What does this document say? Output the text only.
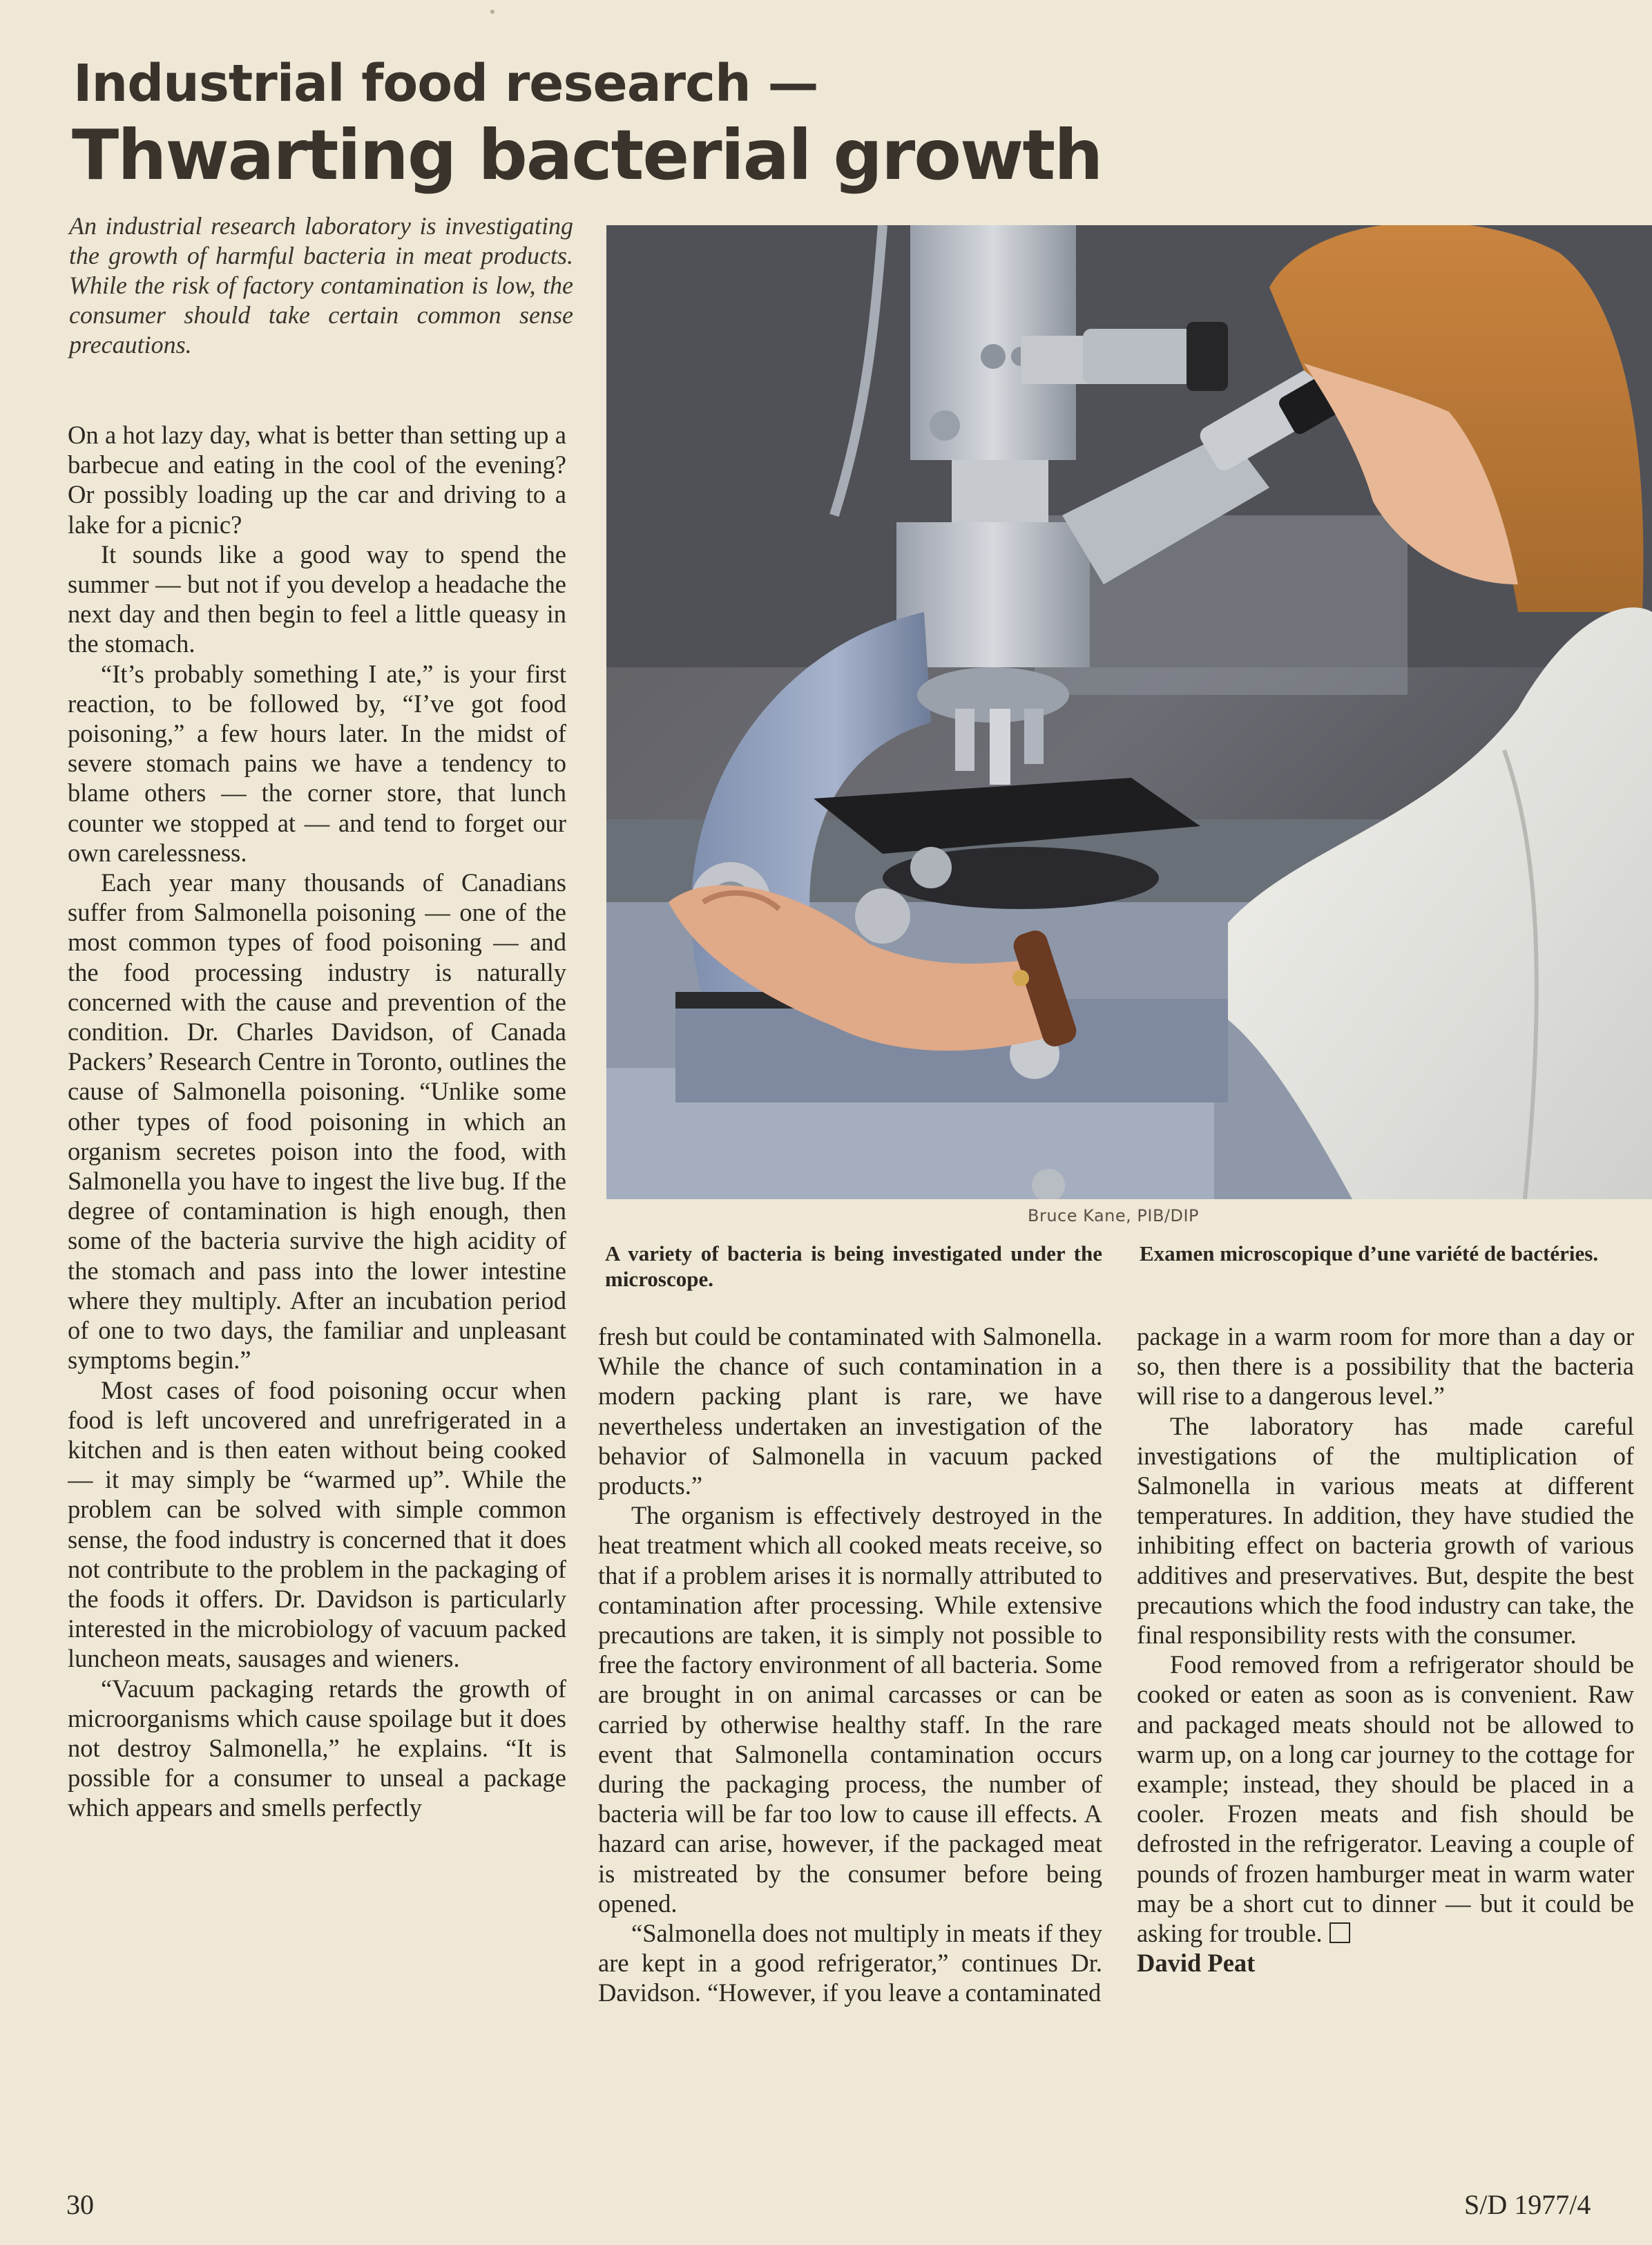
Industrial food research —
Thwarting bacterial growth

An industrial research laboratory is investigating the growth of harmful bacteria in meat products. While the risk of factory contamination is low, the consumer should take certain common sense precautions.

Bruce Kane, PIB/DIP
A variety of bacteria is being investigated under the microscope.
Examen microscopique d’une variété de bactéries.

On a hot lazy day, what is better than setting up a barbecue and eating in the cool of the evening? Or possibly loading up the car and driving to a lake for a picnic?

It sounds like a good way to spend the summer — but not if you develop a headache the next day and then begin to feel a little queasy in the stomach.

“It’s probably something I ate,” is your first reaction, to be followed by, “I’ve got food poisoning,” a few hours later. In the midst of severe stomach pains we have a tendency to blame others — the corner store, that lunch counter we stopped at — and tend to forget our own carelessness.

Each year many thousands of Canadians suffer from Salmonella poisoning — one of the most common types of food poisoning — and the food processing industry is naturally concerned with the cause and prevention of the condition. Dr. Charles Davidson, of Canada Packers’ Research Centre in Toronto, outlines the cause of Salmonella poisoning. “Unlike some other types of food poisoning in which an organism secretes poison into the food, with Salmonella you have to ingest the live bug. If the degree of contamination is high enough, then some of the bacteria survive the high acidity of the stomach and pass into the lower intestine where they multiply. After an incubation period of one to two days, the familiar and unpleasant symptoms begin.”

Most cases of food poisoning occur when food is left uncovered and unrefrigerated in a kitchen and is then eaten without being cooked — it may simply be “warmed up”. While the problem can be solved with simple common sense, the food industry is concerned that it does not contribute to the problem in the packaging of the foods it offers. Dr. Davidson is particularly interested in the microbiology of vacuum packed luncheon meats, sausages and wieners.

“Vacuum packaging retards the growth of microorganisms which cause spoilage but it does not destroy Salmonella,” he explains. “It is possible for a consumer to unseal a package which appears and smells perfectly

fresh but could be contaminated with Salmonella. While the chance of such contamination in a modern packing plant is rare, we have nevertheless undertaken an investigation of the behavior of Salmonella in vacuum packed products.”

The organism is effectively destroyed in the heat treatment which all cooked meats receive, so that if a problem arises it is normally attributed to contamination after processing. While extensive precautions are taken, it is simply not possible to free the factory environment of all bacteria. Some are brought in on animal carcasses or can be carried by otherwise healthy staff. In the rare event that Salmonella contamination occurs during the packaging process, the number of bacteria will be far too low to cause ill effects. A hazard can arise, however, if the packaged meat is mistreated by the consumer before being opened.

“Salmonella does not multiply in meats if they are kept in a good refrigerator,” continues Dr. Davidson. “However, if you leave a contaminated

package in a warm room for more than a day or so, then there is a possibility that the bacteria will rise to a dangerous level.”

The laboratory has made careful investigations of the multiplication of Salmonella in various meats at different temperatures. In addition, they have studied the inhibiting effect on bacteria growth of various additives and preservatives. But, despite the best precautions which the food industry can take, the final responsibility rests with the consumer.

Food removed from a refrigerator should be cooked or eaten as soon as is convenient. Raw and packaged meats should not be allowed to warm up, on a long car journey to the cottage for example; instead, they should be placed in a cooler. Frozen meats and fish should be defrosted in the refrigerator. Leaving a couple of pounds of frozen hamburger meat in warm water may be a short cut to dinner — but it could be asking for trouble.

David Peat

30	S/D 1977/4
